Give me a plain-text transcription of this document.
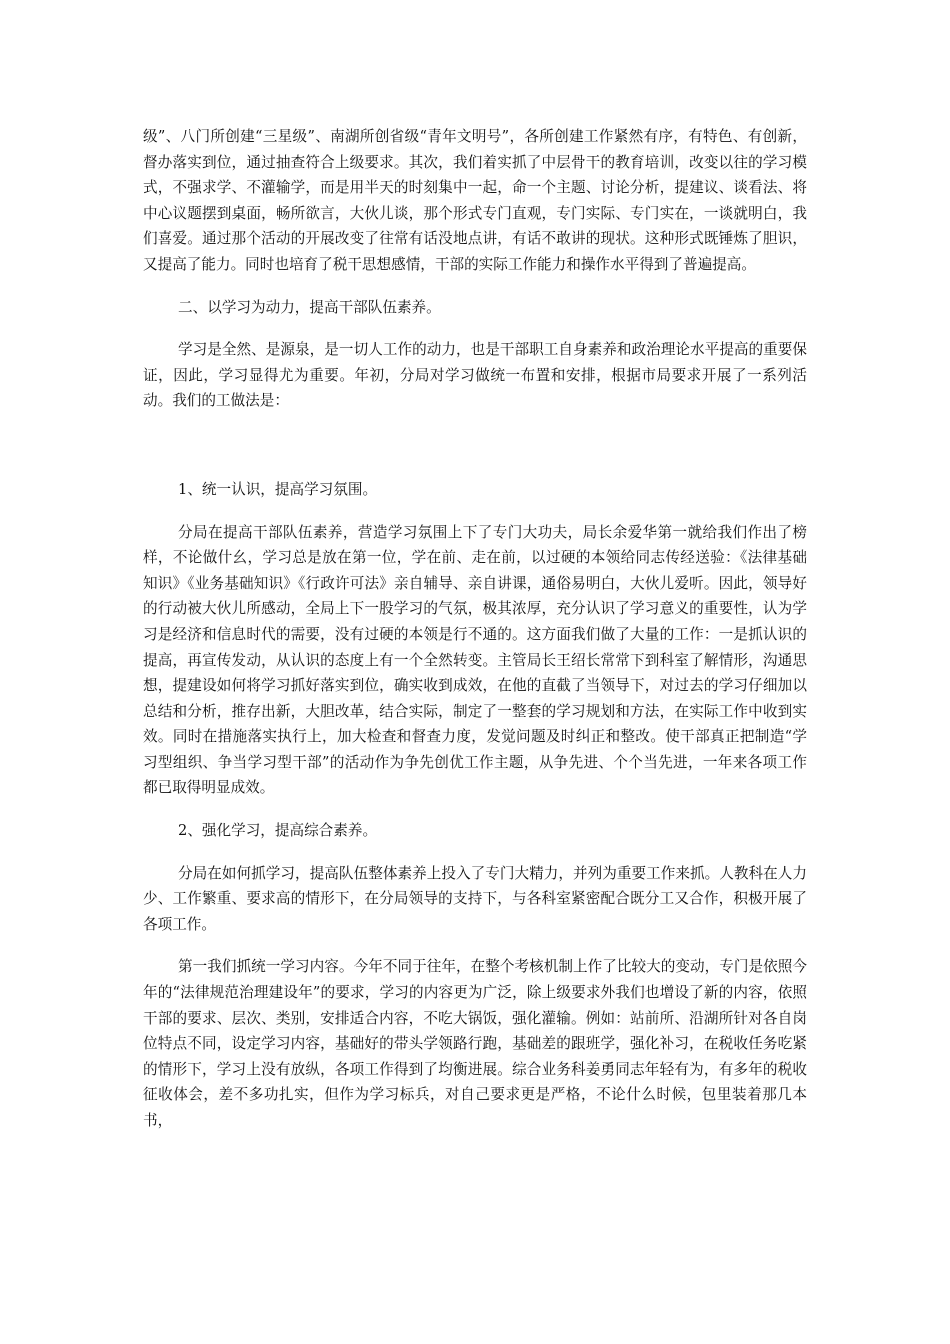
级”、八门所创建“三星级”、南湖所创省级“青年文明号”，各所创建工作紧然有序，有特色、有创新，督办落实到位，通过抽查符合上级要求。其次，我们着实抓了中层骨干的教育培训，改变以往的学习模式，不强求学、不灌输学，而是用半天的时刻集中一起，命一个主题、讨论分析，提建议、谈看法、将中心议题摆到桌面，畅所欲言，大伙儿谈，那个形式专门直观，专门实际、专门实在，一谈就明白，我们喜爱。通过那个活动的开展改变了往常有话没地点讲，有话不敢讲的现状。这种形式既锤炼了胆识，又提高了能力。同时也培育了税干思想感情，干部的实际工作能力和操作水平得到了普遍提高。

二、以学习为动力，提高干部队伍素养。

学习是全然、是源泉，是一切人工作的动力，也是干部职工自身素养和政治理论水平提高的重要保证，因此，学习显得尤为重要。年初，分局对学习做统一布置和安排，根据市局要求开展了一系列活动。我们的工做法是：

1、统一认识，提高学习氛围。

分局在提高干部队伍素养，营造学习氛围上下了专门大功夫，局长余爱华第一就给我们作出了榜样，不论做什幺，学习总是放在第一位，学在前、走在前，以过硬的本领给同志传经送验：《法律基础知识》《业务基础知识》《行政许可法》亲自辅导、亲自讲课，通俗易明白，大伙儿爱听。因此，领导好的行动被大伙儿所感动，全局上下一股学习的气氛，极其浓厚，充分认识了学习意义的重要性，认为学习是经济和信息时代的需要，没有过硬的本领是行不通的。这方面我们做了大量的工作：一是抓认识的提高，再宣传发动，从认识的态度上有一个全然转变。主管局长王绍长常常下到科室了解情形，沟通思想，提建设如何将学习抓好落实到位，确实收到成效，在他的直截了当领导下，对过去的学习仔细加以总结和分析，推存出新，大胆改革，结合实际，制定了一整套的学习规划和方法，在实际工作中收到实效。同时在措施落实执行上，加大检查和督查力度，发觉问题及时纠正和整改。使干部真正把制造“学习型组织、争当学习型干部”的活动作为争先创优工作主题，从争先进、个个当先进，一年来各项工作都已取得明显成效。

2、强化学习，提高综合素养。

分局在如何抓学习，提高队伍整体素养上投入了专门大精力，并列为重要工作来抓。人教科在人力少、工作繁重、要求高的情形下，在分局领导的支持下，与各科室紧密配合既分工又合作，积极开展了各项工作。

第一我们抓统一学习内容。今年不同于往年，在整个考核机制上作了比较大的变动，专门是依照今年的“法律规范治理建设年”的要求，学习的内容更为广泛，除上级要求外我们也增设了新的内容，依照干部的要求、层次、类别，安排适合内容，不吃大锅饭，强化灌输。例如：站前所、沿湖所针对各自岗位特点不同，设定学习内容，基础好的带头学领路行跑，基础差的跟班学，强化补习，在税收任务吃紧的情形下，学习上没有放纵，各项工作得到了均衡进展。综合业务科姜勇同志年轻有为，有多年的税收征收体会，差不多功扎实，但作为学习标兵，对自己要求更是严格，不论什么时候，包里装着那几本书，
